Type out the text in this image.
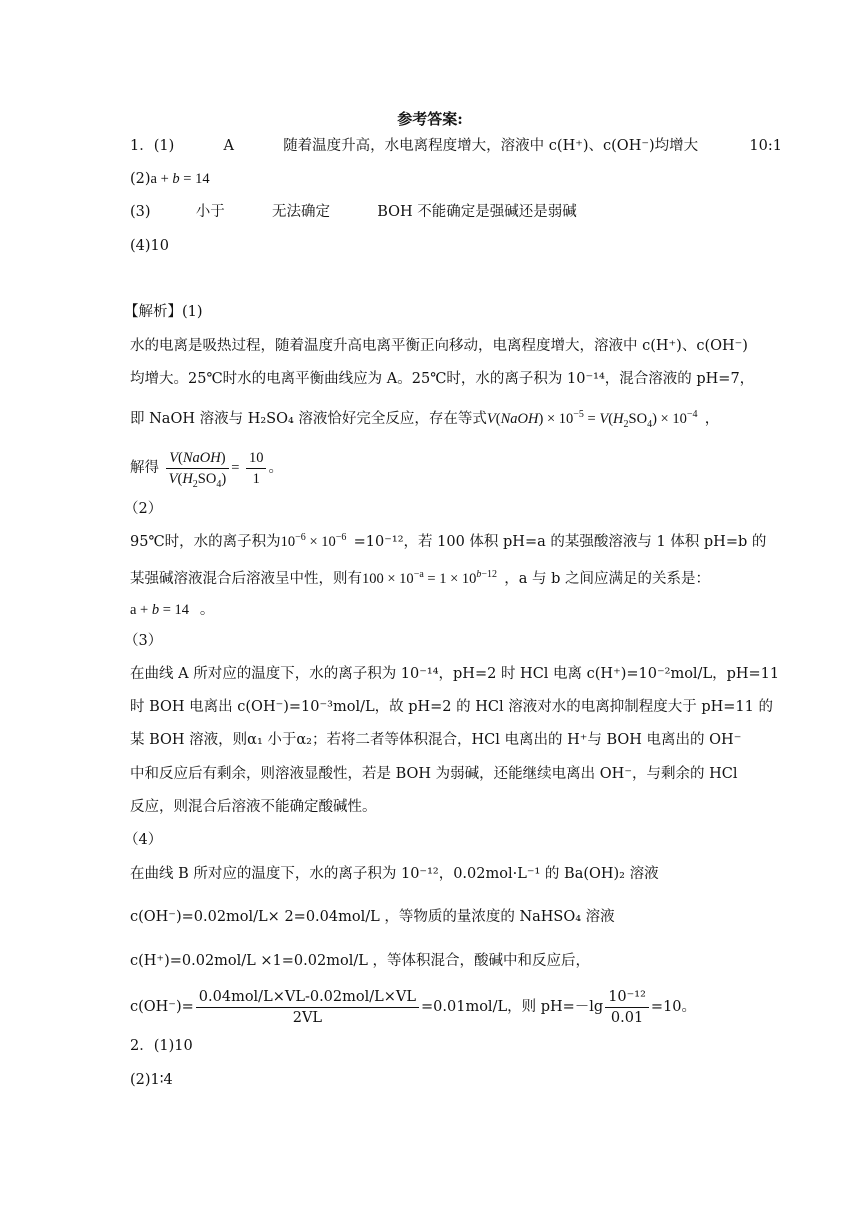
参考答案:
1．(1)	A	随着温度升高，水电离程度增大，溶液中 c(H⁺)、c(OH⁻)均增大	10:1
(2)a + b = 14
(3)	小于	无法确定	BOH 不能确定是强碱还是弱碱
(4)10
【解析】(1)
水的电离是吸热过程，随着温度升高电离平衡正向移动，电离程度增大，溶液中 c(H⁺)、c(OH⁻)
均增大。25℃时水的电离平衡曲线应为 A。25℃时，水的离子积为 10⁻¹⁴，混合溶液的 pH=7，
即 NaOH 溶液与 H₂SO₄ 溶液恰好完全反应，存在等式V(NaOH) × $10^{-5} = V(H_2SO_4) \times 10^{-4}$  ，
解得 $\frac{\text{V(NaOH)}}{V(H_2SO_4)} = \frac{10}{1}$ 。
（2）
95℃时，水的离子积为$10^{-6} \times 10^{-6} =10^{-12}$，若 100 体积 pH=a 的某强酸溶液与 1 体积 pH=b 的
某强碱溶液混合后溶液呈中性，则有$100 \times 10^{-a} = 1 \times 10^{b-12}$ ，a 与 b 之间应满足的关系是：
a + b = 14   。
（3）
在曲线 A 所对应的温度下，水的离子积为 10⁻¹⁴，pH=2 时 HCl 电离 c(H⁺)=10⁻²mol/L，pH=11
时 BOH 电离出 c(OH⁻)=10⁻³mol/L，故 pH=2 的 HCl 溶液对水的电离抑制程度大于 pH=11 的
某 BOH 溶液，则α₁ 小于α₂；若将二者等体积混合，HCl 电离出的 H⁺与 BOH 电离出的 OH⁻
中和反应后有剩余，则溶液显酸性，若是 BOH 为弱碱，还能继续电离出 OH⁻，与剩余的 HCl
反应，则混合后溶液不能确定酸碱性。
（4）
在曲线 B 所对应的温度下，水的离子积为 10⁻¹²，0.02mol·L⁻¹ 的 Ba(OH)₂ 溶液
c(OH⁻)=0.02mol/L× 2=0.04mol/L ，等物质的量浓度的 NaHSO₄ 溶液
c(H⁺)=0.02mol/L ×1=0.02mol/L ，等体积混合，酸碱中和反应后，
$c(OH^-)= \frac{\text{0.04mol/L×VL-0.02mol/L×VL}}{2VL} =0.01mol/L$，则 $pH=-\lg \frac{\text{10⁻¹²}}{0.01} =10$。
2．(1)10
(2)1∶4
